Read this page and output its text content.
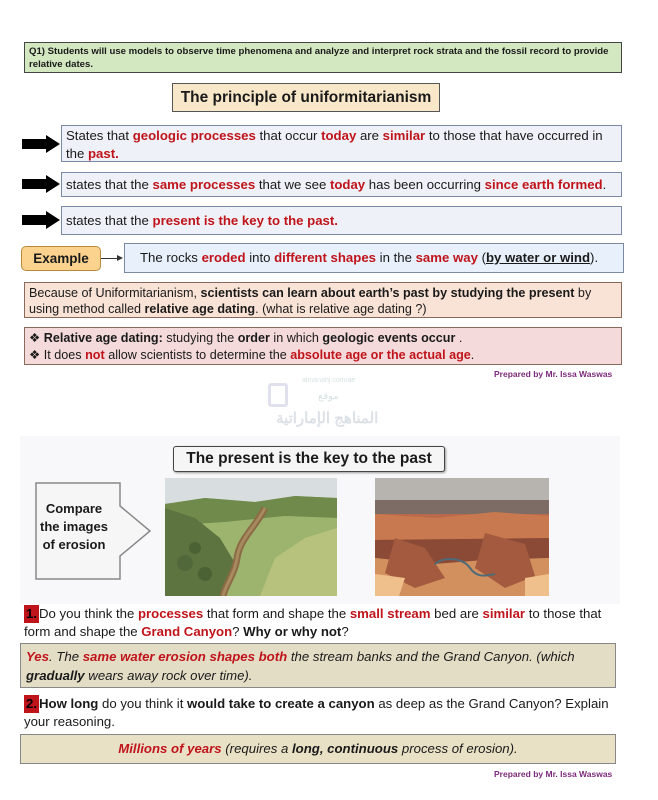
Q1) Students will use models to observe time phenomena and analyze and interpret rock strata and the fossil record to provide relative dates.
The principle of uniformitarianism
States that geologic processes that occur today are similar to those that have occurred in the past.
states that the same processes that we see today has been occurring since earth formed.
states that the present is the key to the past.
Example	The rocks eroded into different shapes in the same way (by water or wind).
Because of Uniformitarianism, scientists can learn about earth’s past by studying the present by using method called relative age dating. (what is relative age dating ?)
❖ Relative age dating: studying the order in which geologic events occur .
❖ It does not allow scientists to determine the absolute age or the actual age.
Prepared by Mr. Issa Waswas
almanahj.com/ae
موقع
المناهج الإماراتية
The present is the key to the past
Compare the images of erosion
1. Do you think the processes that form and shape the small stream bed are similar to those that form and shape the Grand Canyon? Why or why not?
Yes. The same water erosion shapes both the stream banks and the Grand Canyon. (which gradually wears away rock over time).
2. How long do you think it would take to create a canyon as deep as the Grand Canyon? Explain your reasoning.
Millions of years (requires a long, continuous process of erosion).
Prepared by Mr. Issa Waswas
